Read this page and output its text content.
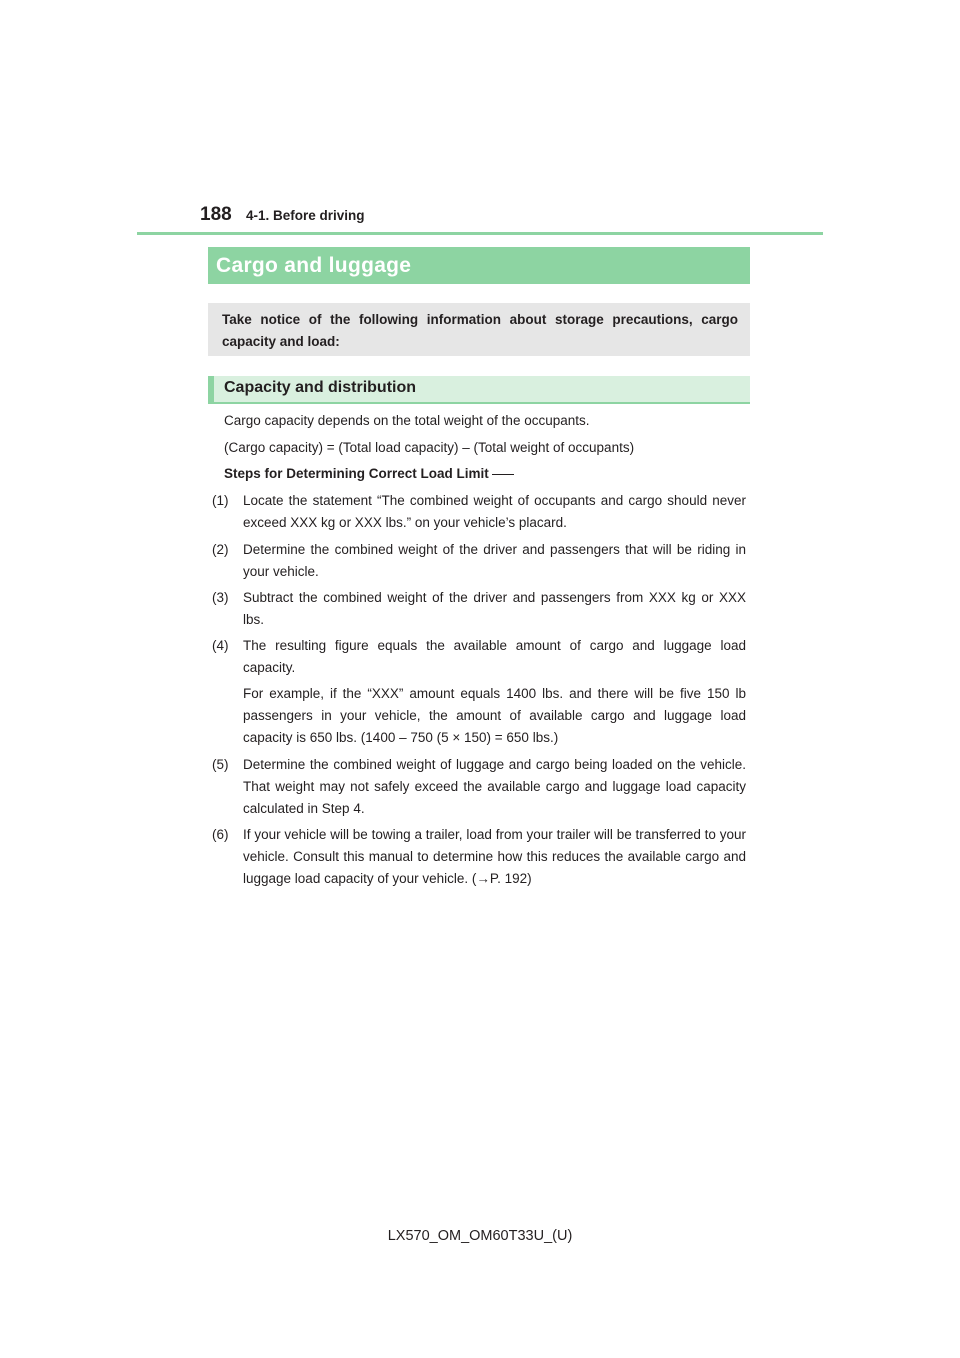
188 4-1. Before driving
Cargo and luggage
Take notice of the following information about storage precautions, cargo capacity and load:
Capacity and distribution
Cargo capacity depends on the total weight of the occupants.
(Cargo capacity) = (Total load capacity) – (Total weight of occupants)
Steps for Determining Correct Load Limit
(1) Locate the statement “The combined weight of occupants and cargo should never exceed XXX kg or XXX lbs.” on your vehicle’s placard.
(2) Determine the combined weight of the driver and passengers that will be riding in your vehicle.
(3) Subtract the combined weight of the driver and passengers from XXX kg or XXX lbs.
(4) The resulting figure equals the available amount of cargo and luggage load capacity.
For example, if the “XXX” amount equals 1400 lbs. and there will be five 150 lb passengers in your vehicle, the amount of available cargo and luggage load capacity is 650 lbs. (1400 – 750 (5 × 150) = 650 lbs.)
(5) Determine the combined weight of luggage and cargo being loaded on the vehicle. That weight may not safely exceed the available cargo and luggage load capacity calculated in Step 4.
(6) If your vehicle will be towing a trailer, load from your trailer will be transferred to your vehicle. Consult this manual to determine how this reduces the available cargo and luggage load capacity of your vehicle. (→P. 192)
LX570_OM_OM60T33U_(U)
